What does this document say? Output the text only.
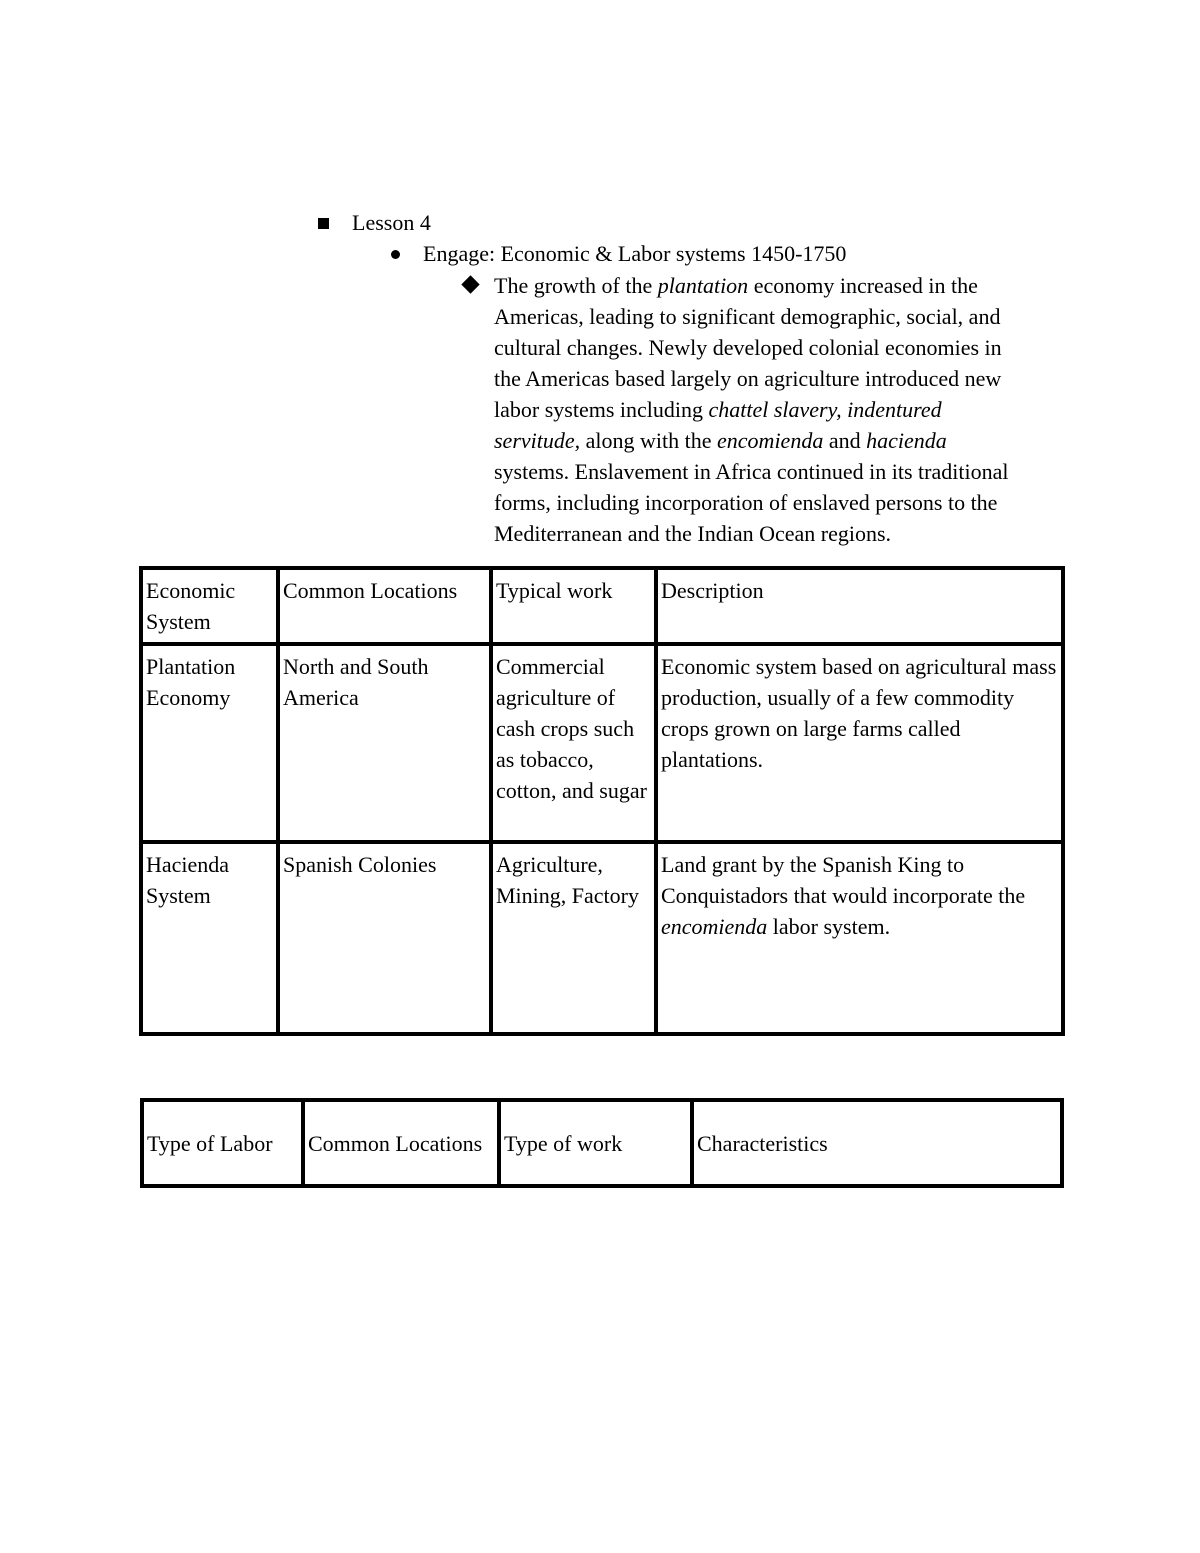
Lesson 4
Engage: Economic & Labor systems 1450-1750
The growth of the plantation economy increased in the
Americas, leading to significant demographic, social, and
cultural changes. Newly developed colonial economies in
the Americas based largely on agriculture introduced new
labor systems including chattel slavery, indentured
servitude, along with the encomienda and hacienda
systems. Enslavement in Africa continued in its traditional
forms, including incorporation of enslaved persons to the
Mediterranean and the Indian Ocean regions.
Economic System	Common Locations	Typical work	Description
Plantation Economy	North and South America	Commercial agriculture of cash crops such as tobacco, cotton, and sugar	Economic system based on agricultural mass production, usually of a few commodity crops grown on large farms called plantations.
Hacienda System	Spanish Colonies	Agriculture, Mining, Factory	Land grant by the Spanish King to Conquistadors that would incorporate the encomienda labor system.
Type of Labor	Common Locations	Type of work	Characteristics
